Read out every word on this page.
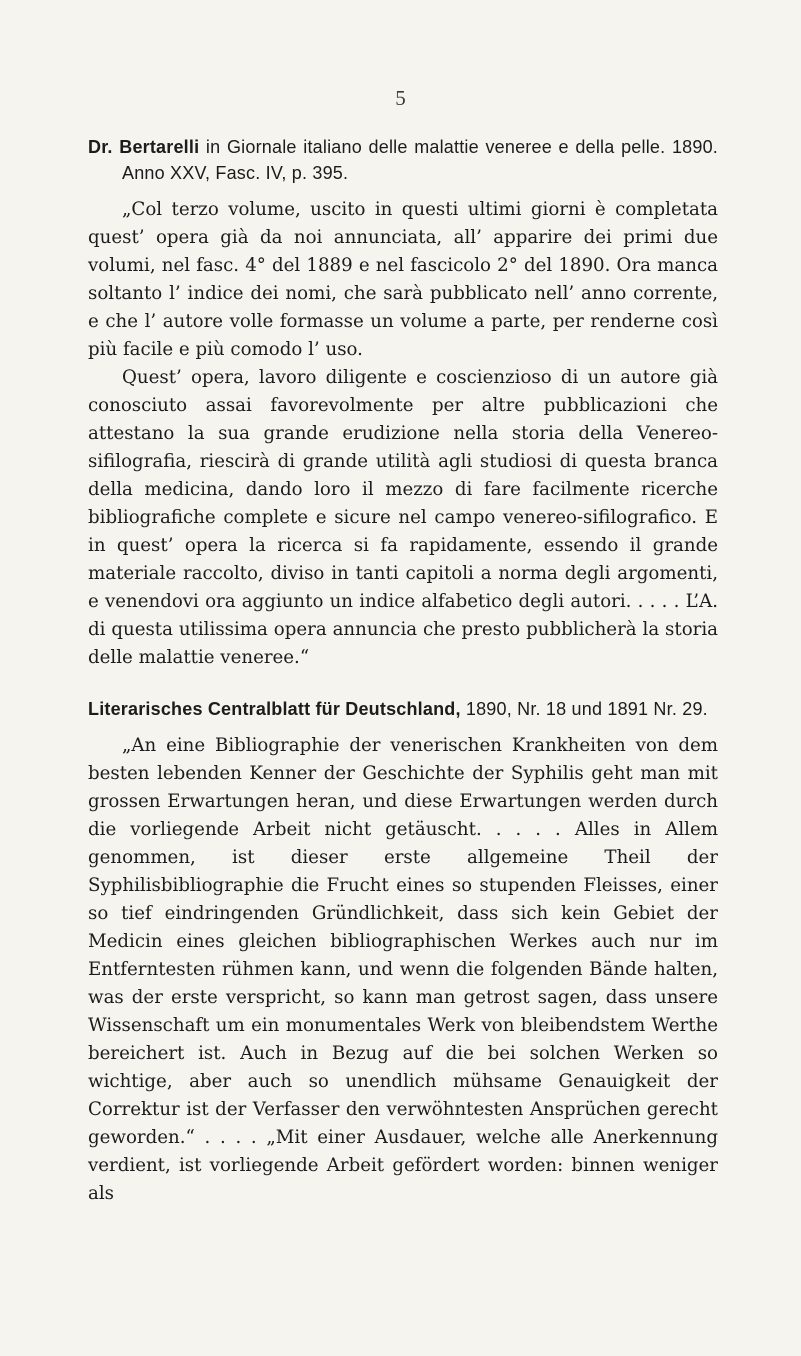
5

Dr. Bertarelli in Giornale italiano delle malattie veneree e della pelle. 1890. Anno XXV, Fasc. IV, p. 395.

„Col terzo volume, uscito in questi ultimi giorni è completata quest’ opera già da noi annunciata, all’ apparire dei primi due volumi, nel fasc. 4° del 1889 e nel fascicolo 2° del 1890. Ora manca soltanto l’ indice dei nomi, che sarà pubblicato nell’ anno corrente, e che l’ autore volle formasse un volume a parte, per renderne così più facile e più comodo l’ uso.

Quest’ opera, lavoro diligente e coscienzioso di un autore già conosciuto assai favorevolmente per altre pubblicazioni che attestano la sua grande erudizione nella storia della Venereo-sifilografia, riescirà di grande utilità agli studiosi di questa branca della medicina, dando loro il mezzo di fare facilmente ricerche bibliografiche complete e sicure nel campo venereo-sifilografico. E in quest’ opera la ricerca si fa rapidamente, essendo il grande materiale raccolto, diviso in tanti capitoli a norma degli argomenti, e venendovi ora aggiunto un indice alfabetico degli autori. . . . . L’A. di questa utilissima opera annuncia che presto pubblicherà la storia delle malattie veneree.“

Literarisches Centralblatt für Deutschland, 1890, Nr. 18 und 1891 Nr. 29.

„An eine Bibliographie der venerischen Krankheiten von dem besten lebenden Kenner der Geschichte der Syphilis geht man mit grossen Erwartungen heran, und diese Erwartungen werden durch die vorliegende Arbeit nicht getäuscht. . . . . Alles in Allem genommen, ist dieser erste allgemeine Theil der Syphilisbibliographie die Frucht eines so stupenden Fleisses, einer so tief eindringenden Gründlichkeit, dass sich kein Gebiet der Medicin eines gleichen bibliographischen Werkes auch nur im Entferntesten rühmen kann, und wenn die folgenden Bände halten, was der erste verspricht, so kann man getrost sagen, dass unsere Wissenschaft um ein monumentales Werk von bleibendstem Werthe bereichert ist. Auch in Bezug auf die bei solchen Werken so wichtige, aber auch so unendlich mühsame Genauigkeit der Correktur ist der Verfasser den verwöhntesten Ansprüchen gerecht geworden.“ . . . . „Mit einer Ausdauer, welche alle Anerkennung verdient, ist vorliegende Arbeit gefördert worden: binnen weniger als
